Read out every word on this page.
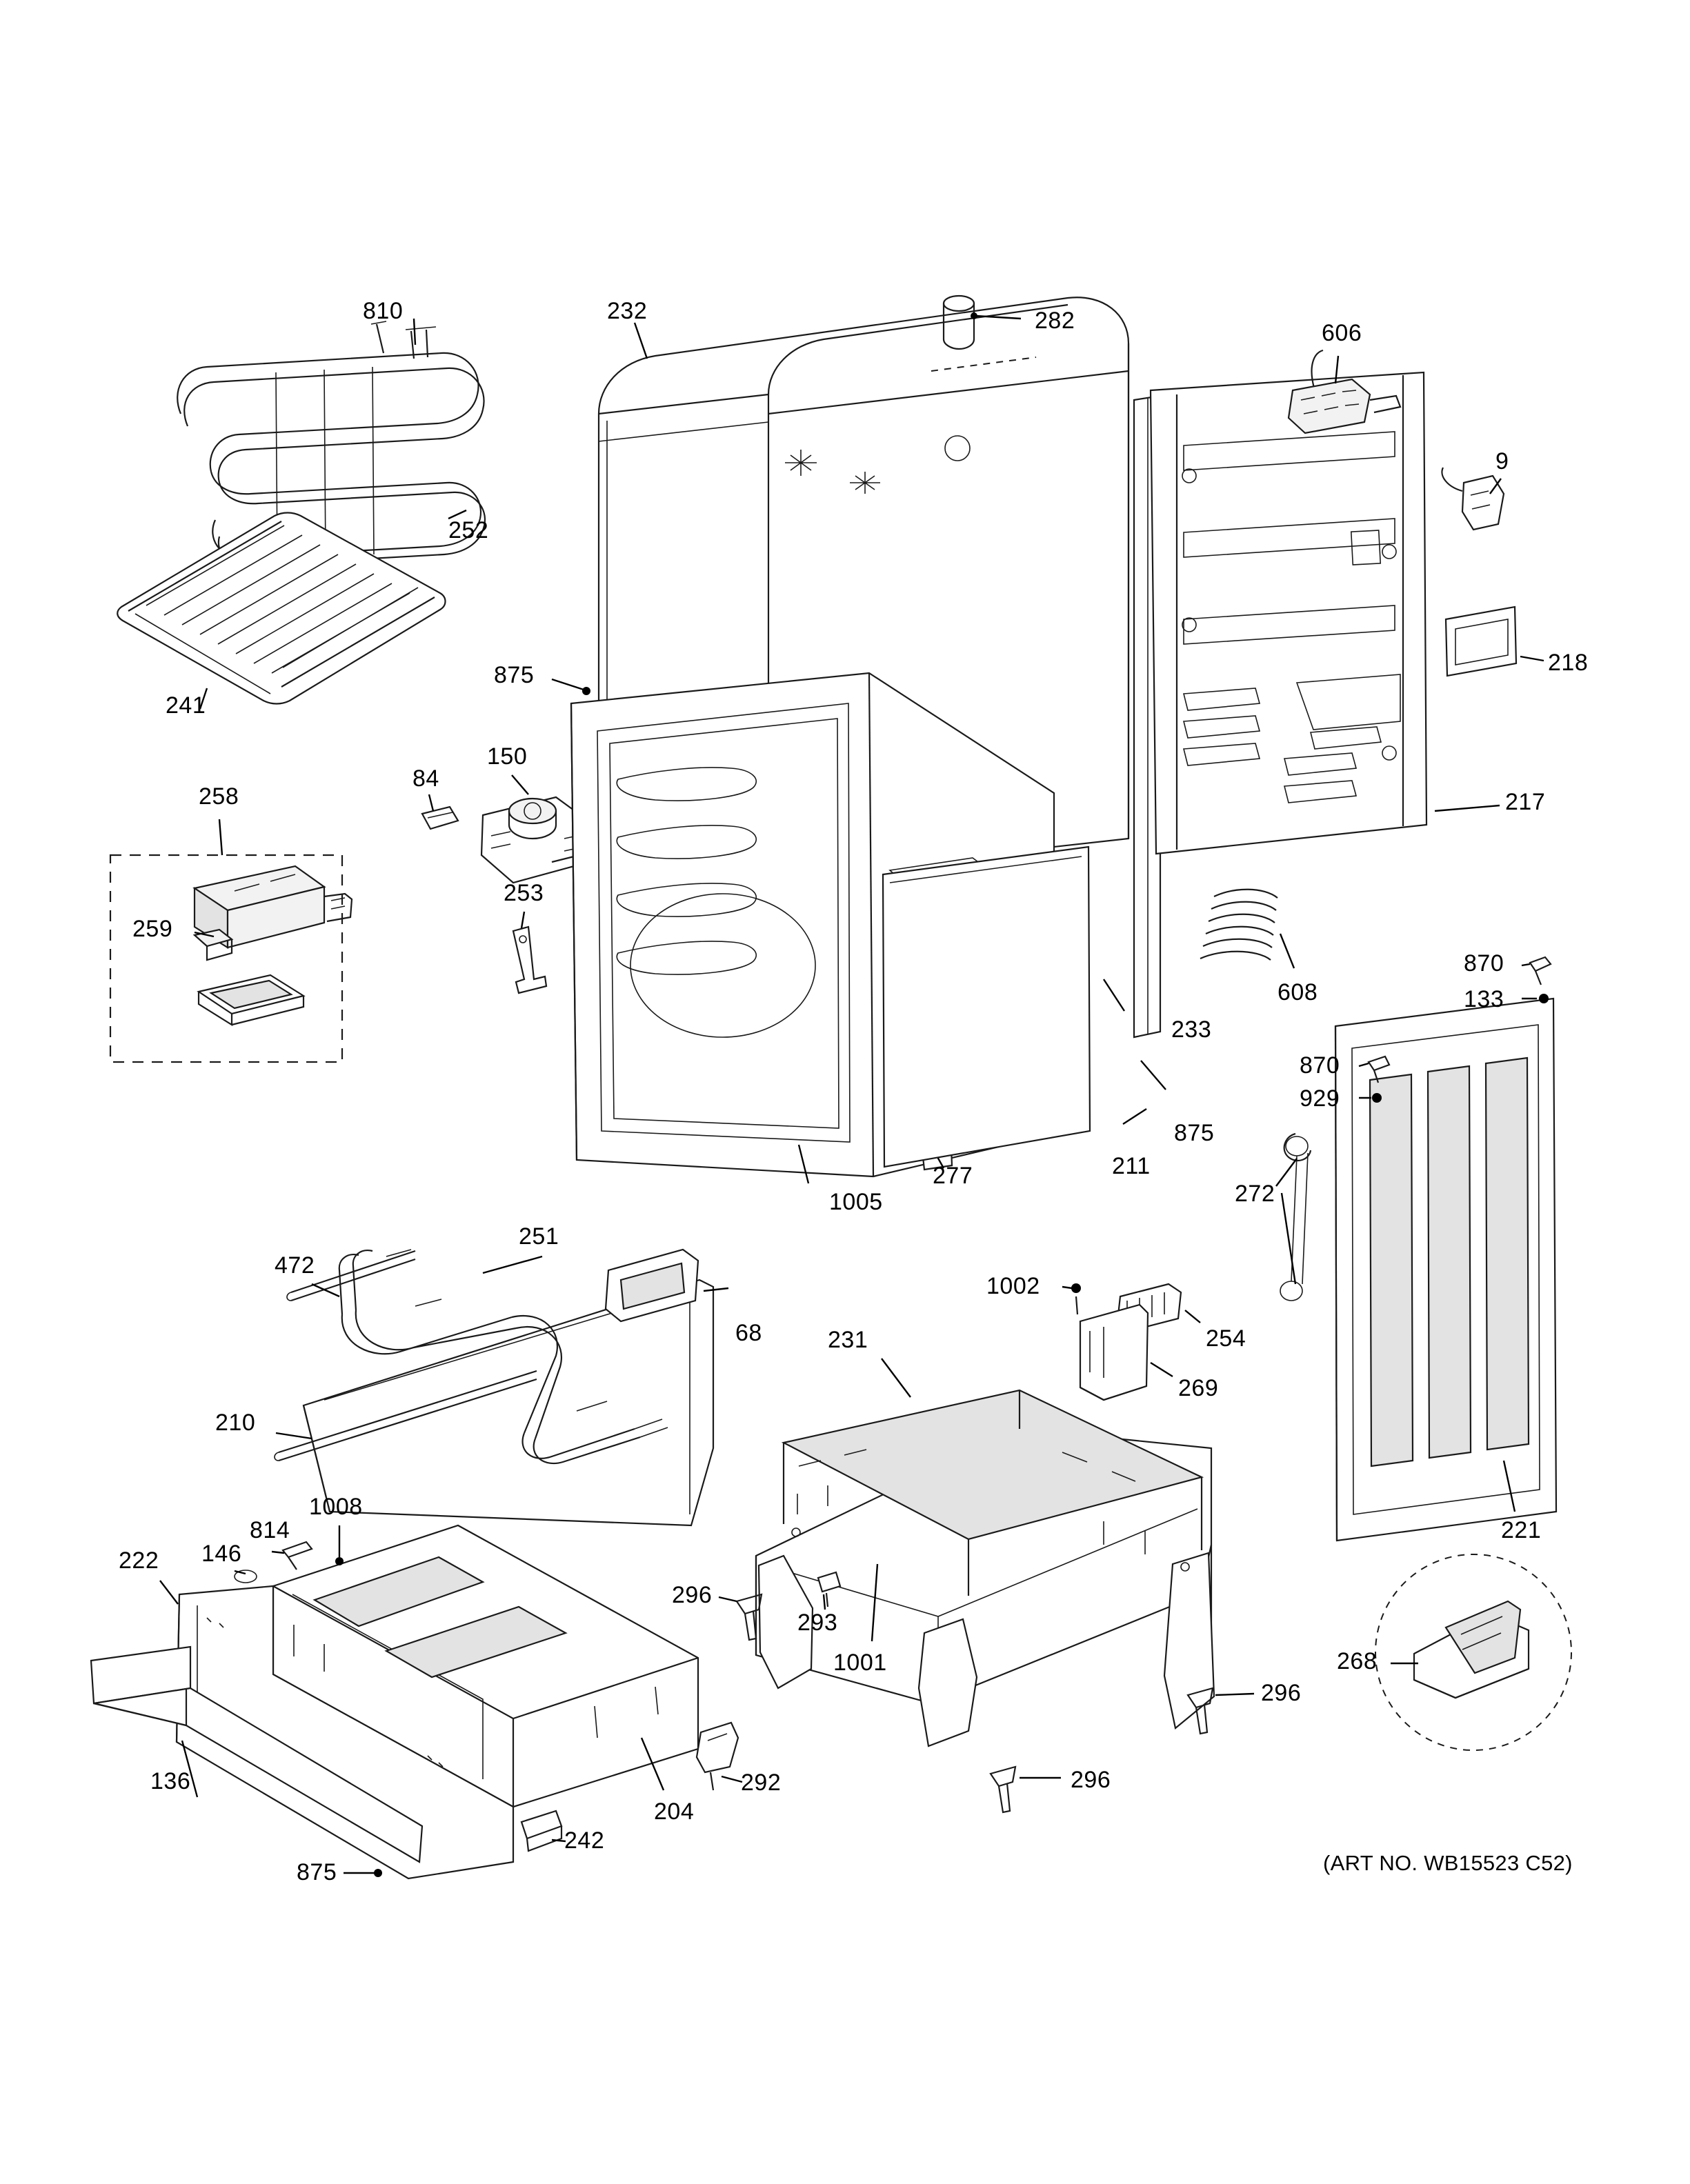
810	232	282	606
9
252
241
875	218
84
150
258	217
259
253
608
233
870
133
870
929
875
211
272
1005
277
251
472
1002
68	231	254
269
210
1008
814
146
222
221
296
293
1001
296
268
136	292	296
204
875
242
(ART NO. WB15523 C52)
